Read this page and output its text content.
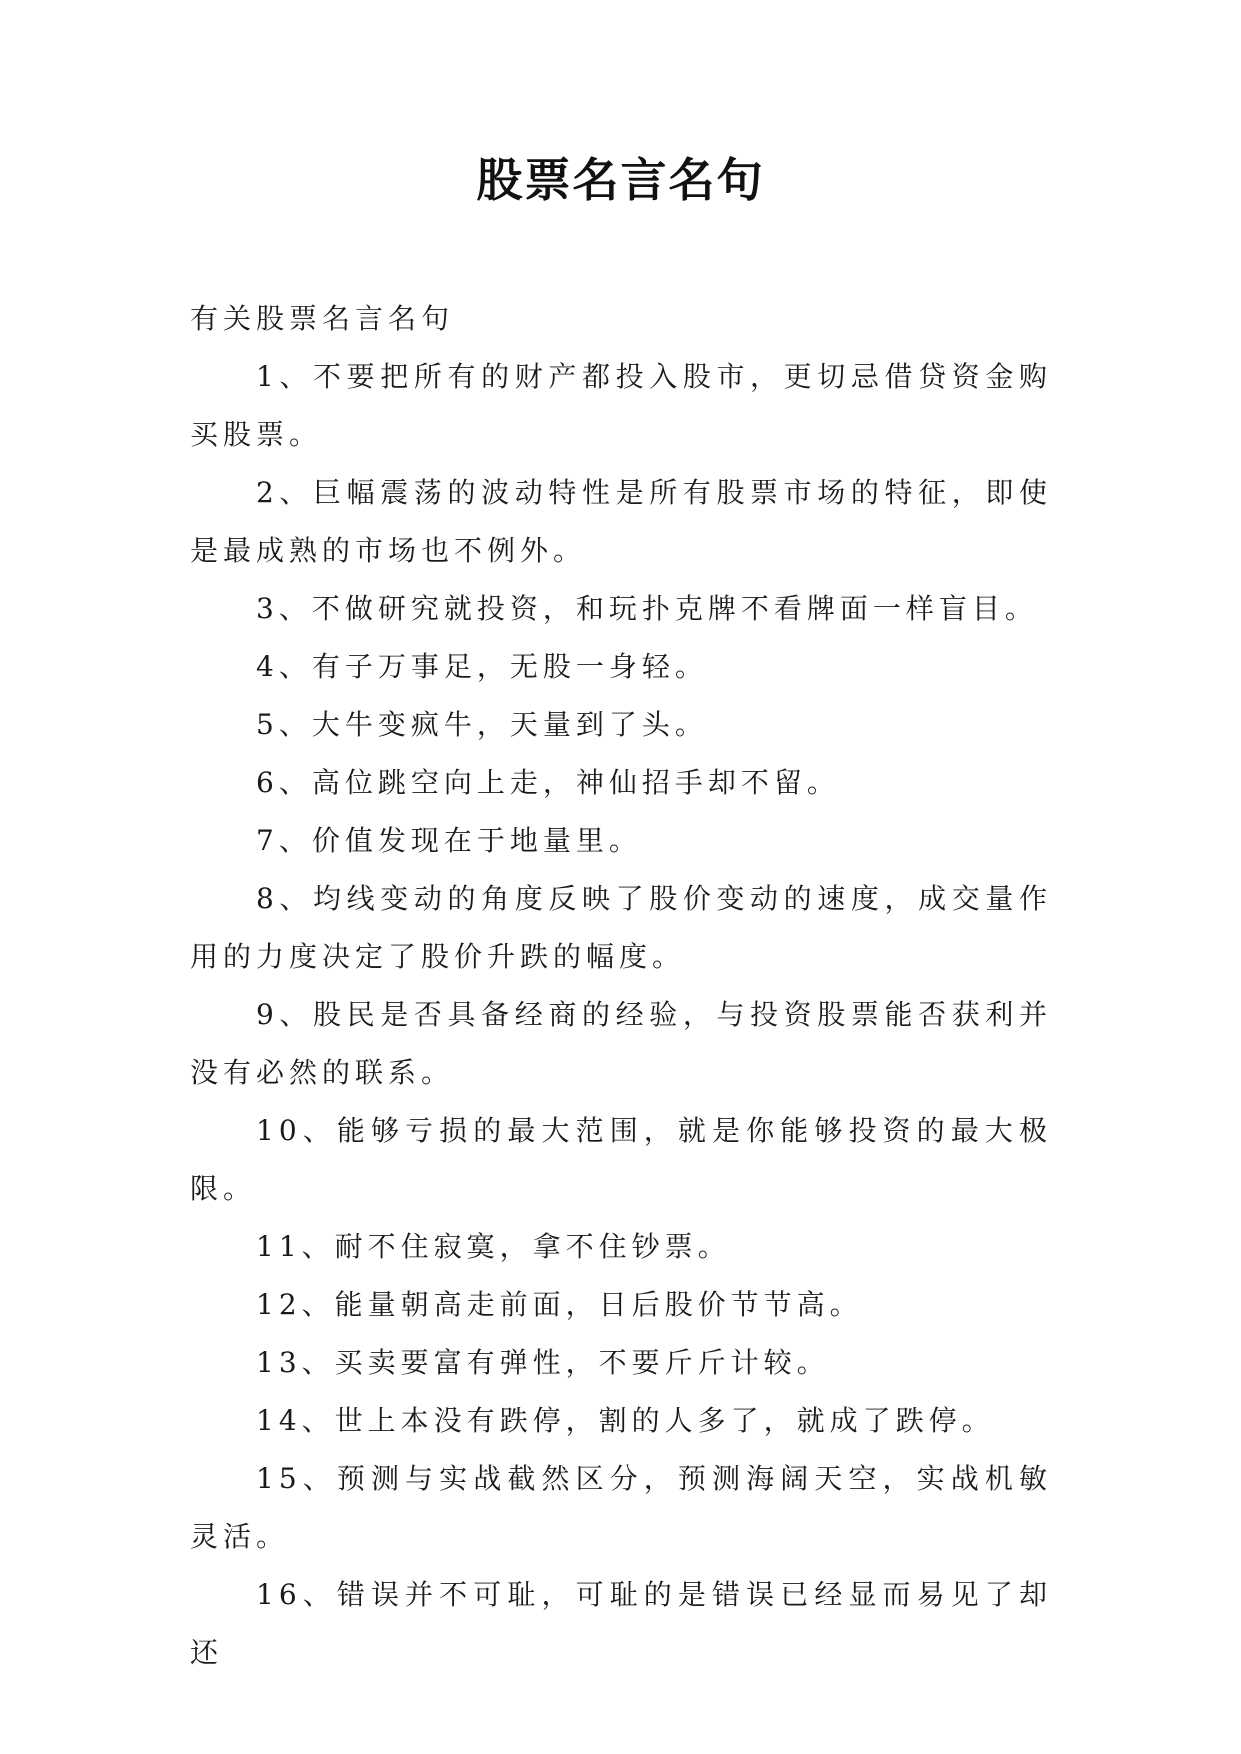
股票名言名句

有关股票名言名句

1、不要把所有的财产都投入股市，更切忌借贷资金购买股票。

2、巨幅震荡的波动特性是所有股票市场的特征，即使是最成熟的市场也不例外。

3、不做研究就投资，和玩扑克牌不看牌面一样盲目。

4、有子万事足，无股一身轻。

5、大牛变疯牛，天量到了头。

6、高位跳空向上走，神仙招手却不留。

7、价值发现在于地量里。

8、均线变动的角度反映了股价变动的速度，成交量作用的力度决定了股价升跌的幅度。

9、股民是否具备经商的经验，与投资股票能否获利并没有必然的联系。

10、能够亏损的最大范围，就是你能够投资的最大极限。

11、耐不住寂寞，拿不住钞票。

12、能量朝高走前面，日后股价节节高。

13、买卖要富有弹性，不要斤斤计较。

14、世上本没有跌停，割的人多了，就成了跌停。

15、预测与实战截然区分，预测海阔天空，实战机敏灵活。

16、错误并不可耻，可耻的是错误已经显而易见了却还
